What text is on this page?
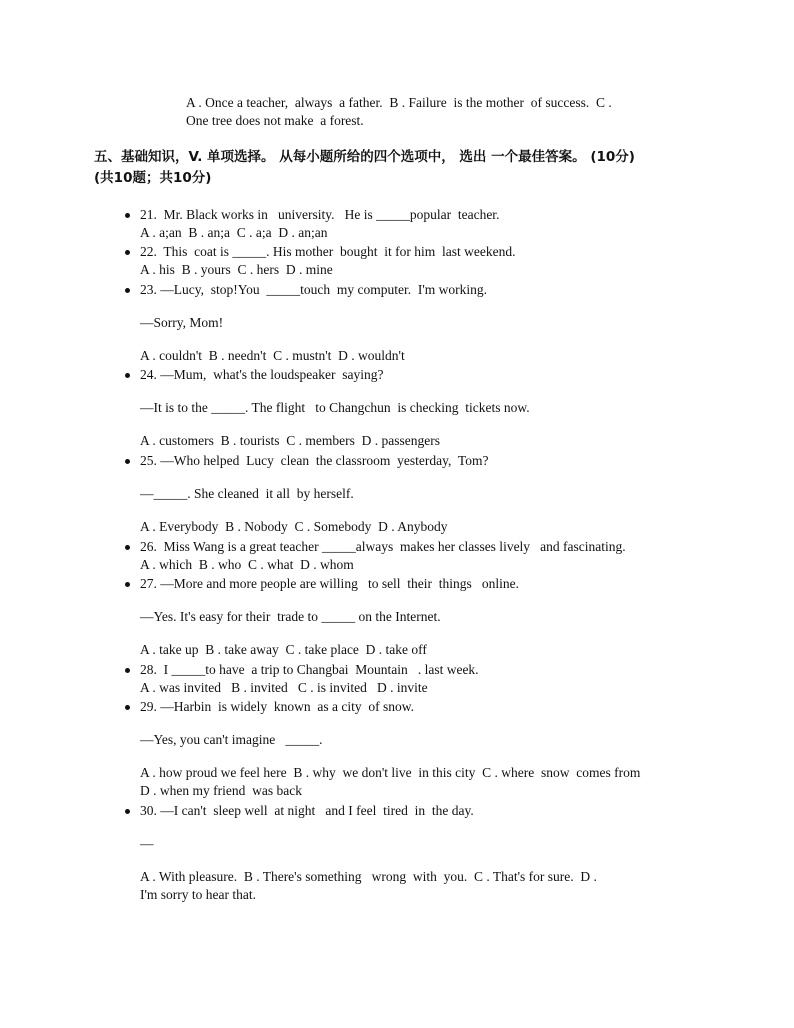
A . Once a teacher,  always  a father.  B . Failure  is the mother  of success.  C .
One tree does not make  a forest.
五、基础知识，V. 单项选择。 从每小题所给的四个选项中， 选出 一个最佳答案。 (10分)
(共10题；共10分)
21.  Mr. Black works in   university.   He is _____popular  teacher.
A . a;an  B . an;a  C . a;a  D . an;an
22.  This  coat is _____. His mother  bought  it for him  last weekend.
A . his  B . yours  C . hers  D . mine
23. —Lucy,  stop!You  _____touch  my computer.  I'm working.
—Sorry, Mom!
A . couldn't  B . needn't  C . mustn't  D . wouldn't
24. —Mum,  what's the loudspeaker  saying?
—It is to the _____. The flight   to Changchun  is checking  tickets now.
A . customers  B . tourists  C . members  D . passengers
25. —Who helped  Lucy  clean  the classroom  yesterday,  Tom?
—_____. She cleaned  it all  by herself.
A . Everybody  B . Nobody  C . Somebody  D . Anybody
26.  Miss Wang is a great teacher _____always  makes her classes lively   and fascinating.
A . which  B . who  C . what  D . whom
27. —More and more people are willing   to sell  their  things   online.
—Yes. It's easy for their  trade to _____ on the Internet.
A . take up  B . take away  C . take place  D . take off
28.  I _____to have  a trip to Changbai  Mountain   . last week.
A . was invited   B . invited   C . is invited   D . invite
29. —Harbin  is widely  known  as a city  of snow.
—Yes, you can't imagine   _____.
A . how proud we feel here  B . why  we don't live  in this city  C . where  snow  comes from
D . when my friend  was back
30. —I can't  sleep well  at night   and I feel  tired  in  the day.
—
A . With pleasure.  B . There's something   wrong  with  you.  C . That's for sure.  D .
I'm sorry to hear that.
